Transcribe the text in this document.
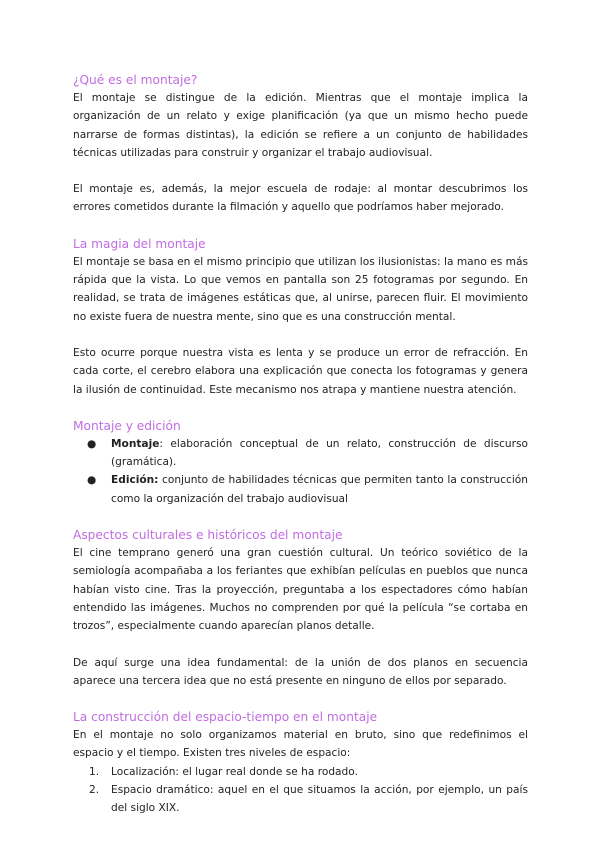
¿Qué es el montaje?

El montaje se distingue de la edición. Mientras que el montaje implica la organización de un relato y exige planificación (ya que un mismo hecho puede narrarse de formas distintas), la edición se refiere a un conjunto de habilidades técnicas utilizadas para construir y organizar el trabajo audiovisual.

El montaje es, además, la mejor escuela de rodaje: al montar descubrimos los errores cometidos durante la filmación y aquello que podríamos haber mejorado.

La magia del montaje

El montaje se basa en el mismo principio que utilizan los ilusionistas: la mano es más rápida que la vista. Lo que vemos en pantalla son 25 fotogramas por segundo. En realidad, se trata de imágenes estáticas que, al unirse, parecen fluir. El movimiento no existe fuera de nuestra mente, sino que es una construcción mental.

Esto ocurre porque nuestra vista es lenta y se produce un error de refracción. En cada corte, el cerebro elabora una explicación que conecta los fotogramas y genera la ilusión de continuidad. Este mecanismo nos atrapa y mantiene nuestra atención.

Montaje y edición
● Montaje: elaboración conceptual de un relato, construcción de discurso (gramática).
● Edición: conjunto de habilidades técnicas que permiten tanto la construcción como la organización del trabajo audiovisual
Aspectos culturales e históricos del montaje

El cine temprano generó una gran cuestión cultural. Un teórico soviético de la semiología acompañaba a los feriantes que exhibían películas en pueblos que nunca habían visto cine. Tras la proyección, preguntaba a los espectadores cómo habían entendido las imágenes. Muchos no comprenden por qué la película “se cortaba en trozos”, especialmente cuando aparecían planos detalle.

De aquí surge una idea fundamental: de la unión de dos planos en secuencia aparece una tercera idea que no está presente en ninguno de ellos por separado.

La construcción del espacio-tiempo en el montaje

En el montaje no solo organizamos material en bruto, sino que redefinimos el espacio y el tiempo. Existen tres niveles de espacio:

1. Localización: el lugar real donde se ha rodado.
2. Espacio dramático: aquel en el que situamos la acción, por ejemplo, un país del siglo XIX.
